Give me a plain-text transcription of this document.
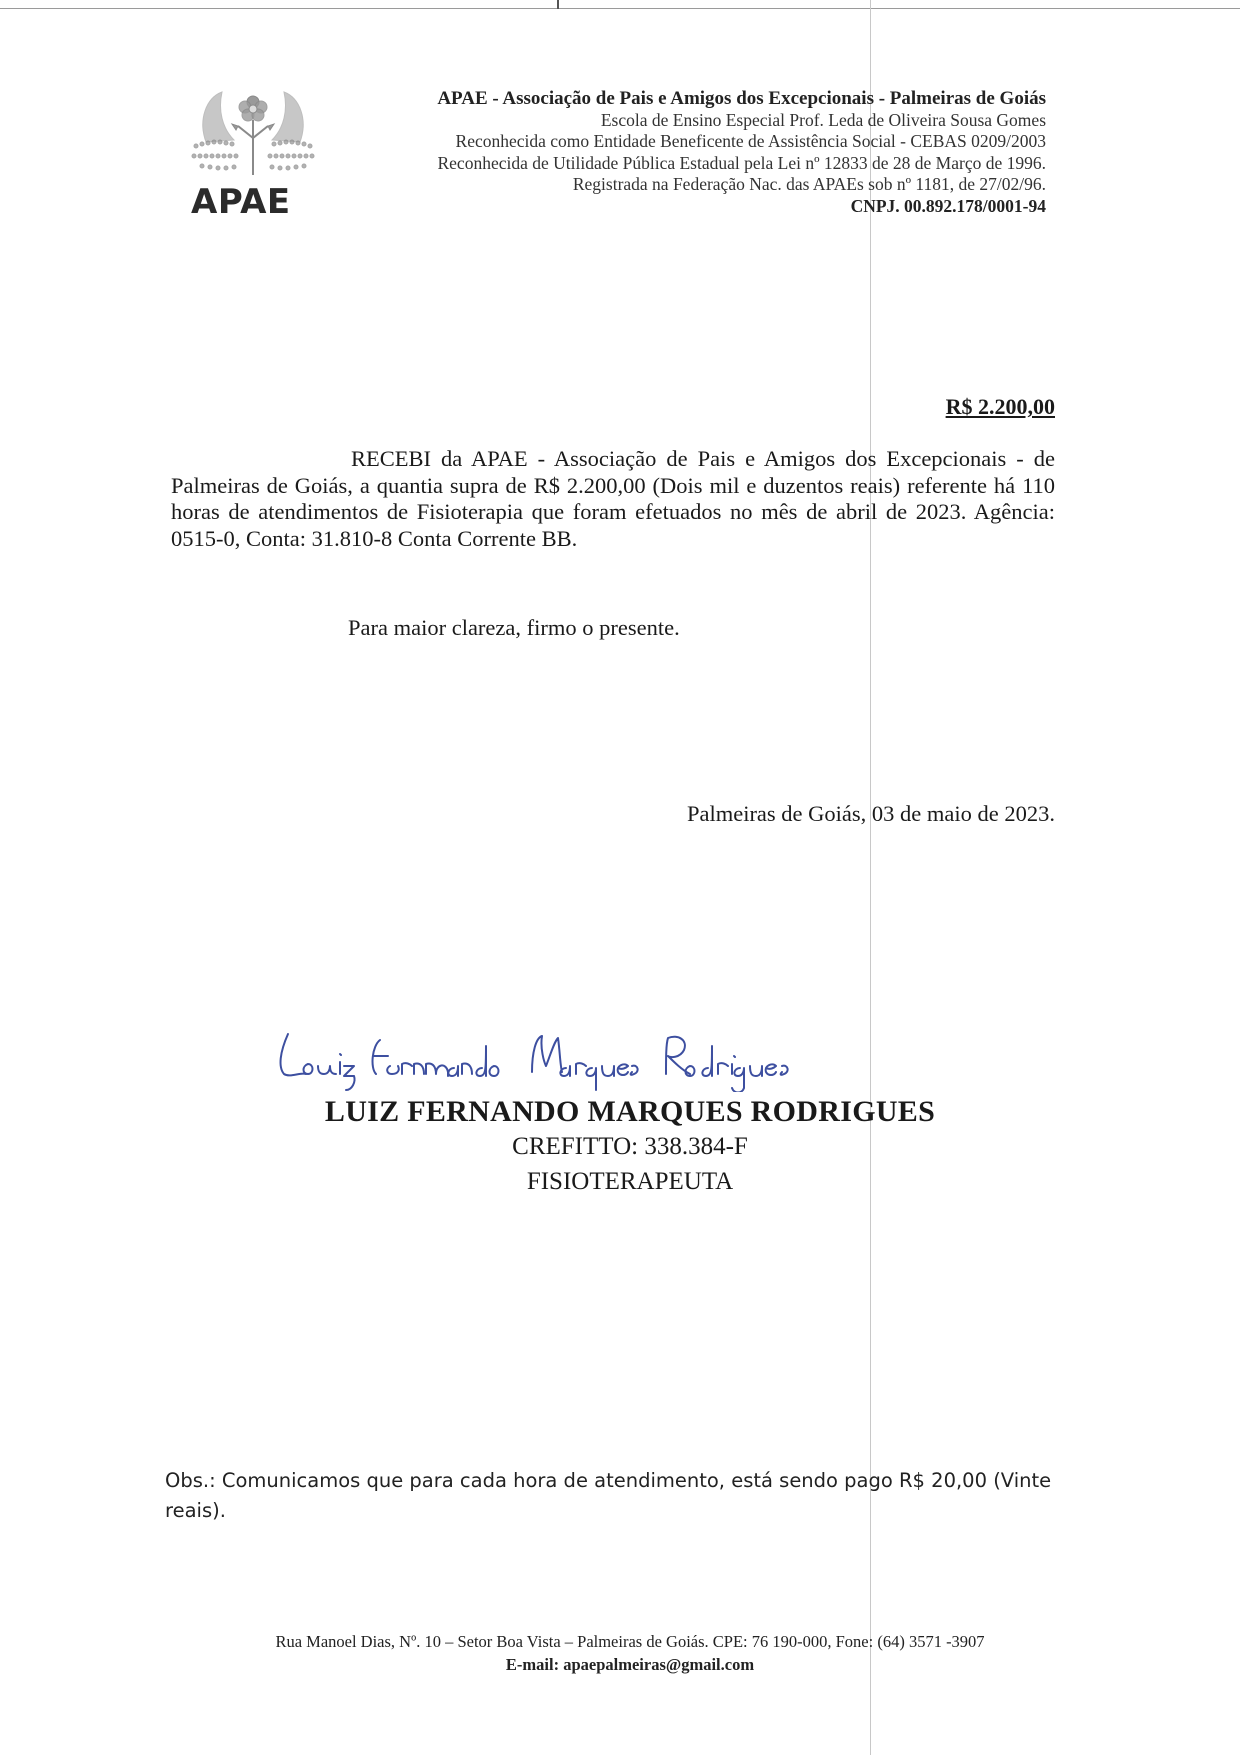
APAE
APAE - Associação de Pais e Amigos dos Excepcionais - Palmeiras de Goiás
Escola de Ensino Especial Prof. Leda de Oliveira Sousa Gomes
Reconhecida como Entidade Beneficente de Assistência Social - CEBAS 0209/2003
Reconhecida de Utilidade Pública Estadual pela Lei nº 12833 de 28 de Março de 1996.
Registrada na Federação Nac. das APAEs sob nº 1181, de 27/02/96.
CNPJ. 00.892.178/0001-94
R$ 2.200,00
RECEBI da APAE - Associação de Pais e Amigos dos Excepcionais - de Palmeiras de Goiás, a quantia supra de R$ 2.200,00 (Dois mil e duzentos reais) referente há 110 horas de atendimentos de Fisioterapia que foram efetuados no mês de abril de 2023. Agência: 0515-0, Conta: 31.810-8 Conta Corrente BB.
Para maior clareza, firmo o presente.
Palmeiras de Goiás, 03 de maio de 2023.
LUIZ FERNANDO MARQUES RODRIGUES
CREFITTO: 338.384-F
FISIOTERAPEUTA
Obs.: Comunicamos que para cada hora de atendimento, está sendo pago R$ 20,00 (Vinte reais).
Rua Manoel Dias, Nº. 10 – Setor Boa Vista – Palmeiras de Goiás. CPE: 76 190-000, Fone: (64) 3571 -3907
E-mail: apaepalmeiras@gmail.com
